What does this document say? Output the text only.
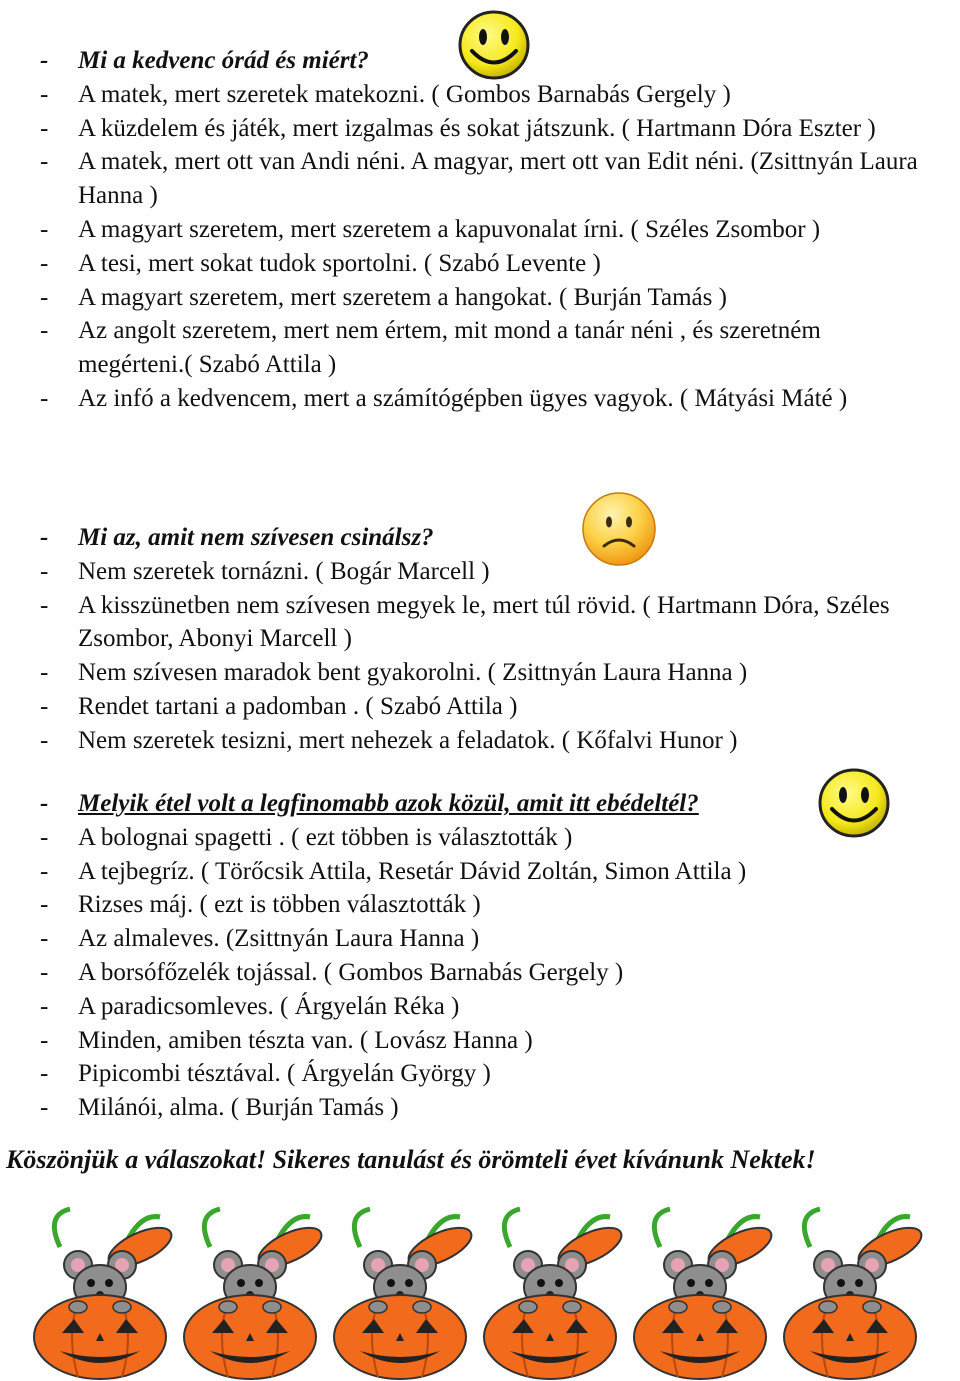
- Mi a kedvenc órád és miért?
- A matek, mert szeretek matekozni. ( Gombos Barnabás Gergely )
- A küzdelem és játék, mert izgalmas és sokat játszunk. ( Hartmann Dóra Eszter )
- A matek, mert ott van Andi néni. A magyar, mert ott van Edit néni. (Zsittnyán Laura Hanna )
- A magyart szeretem, mert szeretem a kapuvonalat írni. ( Széles Zsombor )
- A tesi, mert sokat tudok sportolni. ( Szabó Levente )
- A magyart szeretem, mert szeretem a hangokat. ( Burján Tamás )
- Az angolt szeretem, mert nem értem, mit mond a tanár néni , és szeretném megérteni.( Szabó Attila )
- Az infó a kedvencem, mert a számítógépben ügyes vagyok. ( Mátyási Máté )
- Mi az, amit nem szívesen csinálsz?
- Nem szeretek tornázni. ( Bogár Marcell )
- A kisszünetben nem szívesen megyek le, mert túl rövid. ( Hartmann Dóra, Széles Zsombor, Abonyi Marcell )
- Nem szívesen maradok bent gyakorolni. ( Zsittnyán Laura Hanna )
- Rendet tartani a padomban . ( Szabó Attila )
- Nem szeretek tesizni, mert nehezek a feladatok. ( Kőfalvi Hunor )
- Melyik étel volt a legfinomabb azok közül, amit itt ebédeltél?
- A bolognai spagetti . ( ezt többen is választották )
- A tejbegríz. ( Törőcsik Attila, Resetár Dávid Zoltán, Simon Attila )
- Rizses máj. ( ezt is többen választották )
- Az almaleves. (Zsittnyán Laura Hanna )
- A borsófőzelék tojással. ( Gombos Barnabás Gergely )
- A paradicsomleves. ( Árgyelán Réka )
- Minden, amiben tészta van. ( Lovász Hanna )
- Pipicombi tésztával. ( Árgyelán György )
- Milánói, alma. ( Burján Tamás )
Köszönjük a válaszokat! Sikeres tanulást és örömteli évet kívánunk Nektek!
